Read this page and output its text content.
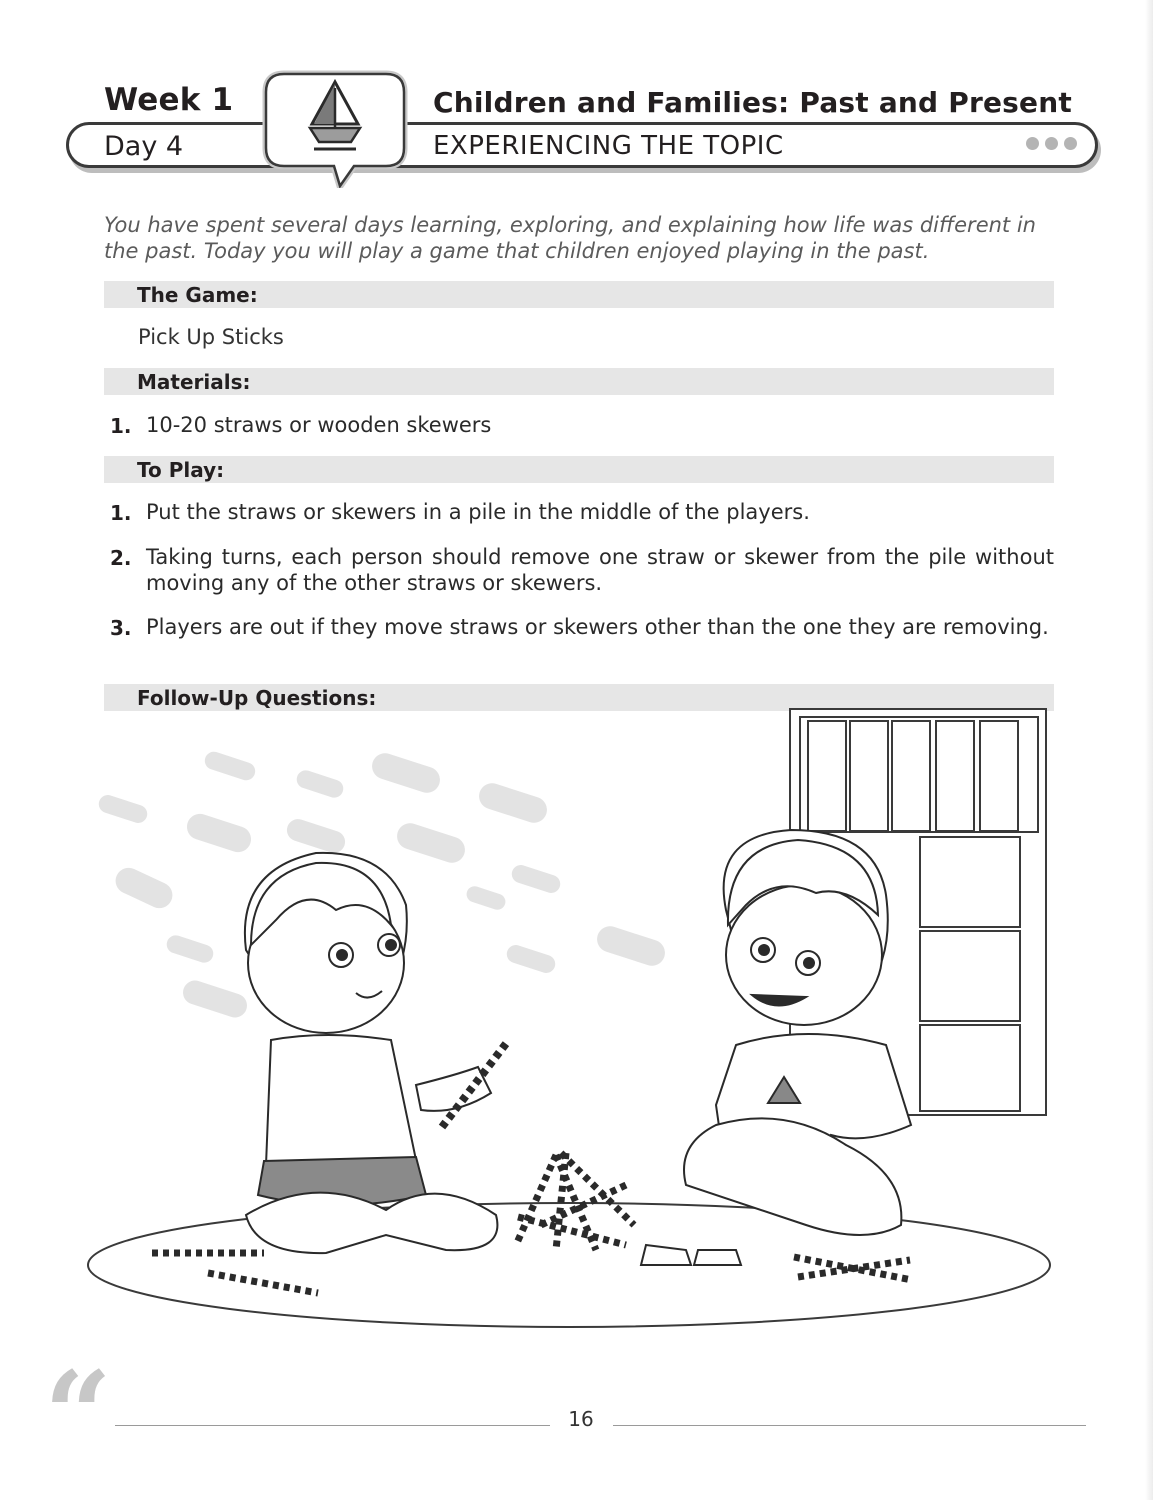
Week 1	Children and Families: Past and Present
Day 4	EXPERIENCING THE TOPIC
You have spent several days learning, exploring, and explaining how life was different in the past. Today you will play a game that children enjoyed playing in the past.
The Game:
Pick Up Sticks
Materials:
1. 10-20 straws or wooden skewers
To Play:
1. Put the straws or skewers in a pile in the middle of the players.
2. Taking turns, each person should remove one straw or skewer from the pile without moving any of the other straws or skewers.
3. Players are out if they move straws or skewers other than the one they are removing.
Follow-Up Questions:
“	16
